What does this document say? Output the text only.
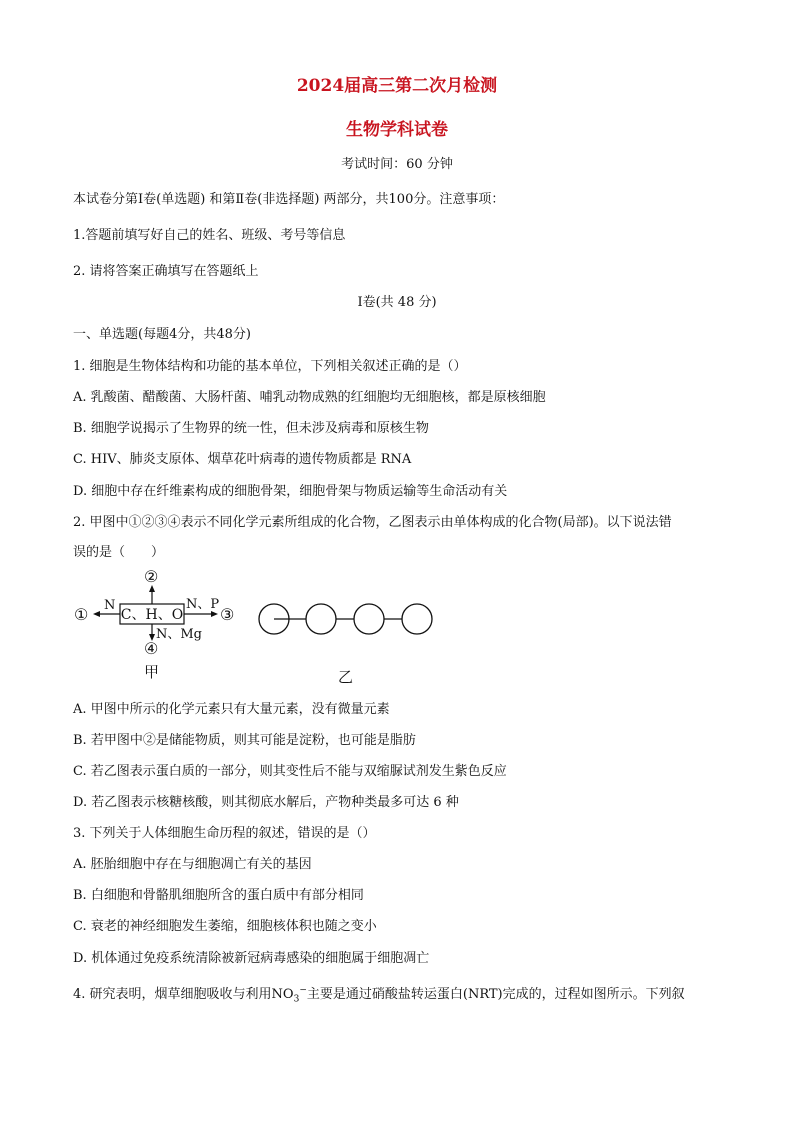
2024届高三第二次月检测
生物学科试卷
考试时间：60 分钟
本试卷分第Ⅰ卷(单选题) 和第Ⅱ卷(非选择题) 两部分，共100分。注意事项：
1.答题前填写好自己的姓名、班级、考号等信息
2. 请将答案正确填写在答题纸上
Ⅰ卷(共 48 分)
一、单选题(每题4分，共48分)
1. 细胞是生物体结构和功能的基本单位，下列相关叙述正确的是（）
A. 乳酸菌、醋酸菌、大肠杆菌、哺乳动物成熟的红细胞均无细胞核，都是原核细胞
B. 细胞学说揭示了生物界的统一性，但未涉及病毒和原核生物
C. HIV、肺炎支原体、烟草花叶病毒的遗传物质都是 RNA
D. 细胞中存在纤维素构成的细胞骨架，细胞骨架与物质运输等生命活动有关
2. 甲图中①②③④表示不同化学元素所组成的化合物，乙图表示由单体构成的化合物(局部)。以下说法错
误的是（　　）
C、H、O
N
①
②
N、P
③
N、Mg
④
甲	乙
A. 甲图中所示的化学元素只有大量元素，没有微量元素
B. 若甲图中②是储能物质，则其可能是淀粉，也可能是脂肪
C. 若乙图表示蛋白质的一部分，则其变性后不能与双缩脲试剂发生紫色反应
D. 若乙图表示核糖核酸，则其彻底水解后，产物种类最多可达 6 种
3. 下列关于人体细胞生命历程的叙述，错误的是（）
A. 胚胎细胞中存在与细胞凋亡有关的基因
B. 白细胞和骨骼肌细胞所含的蛋白质中有部分相同
C. 衰老的神经细胞发生萎缩，细胞核体积也随之变小
D. 机体通过免疫系统清除被新冠病毒感染的细胞属于细胞凋亡
4. 研究表明，烟草细胞吸收与利用$NO_3^-$主要是通过硝酸盐转运蛋白(NRT)完成的，过程如图所示。下列叙
